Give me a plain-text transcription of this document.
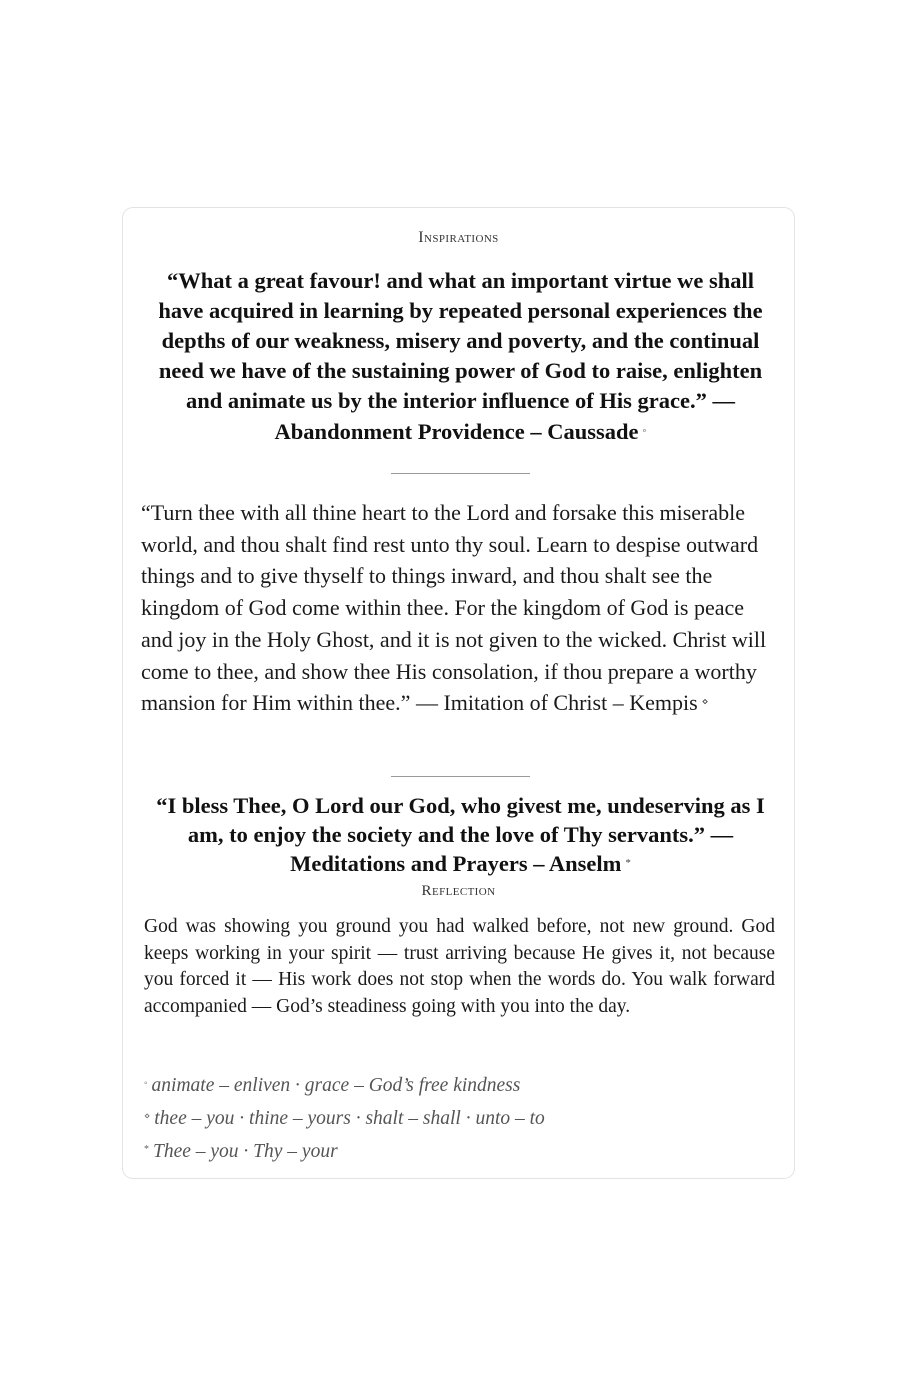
Inspirations
“What a great favour! and what an important virtue we shall have acquired in learning by repeated personal experiences the depths of our weakness, misery and poverty, and the continual need we have of the sustaining power of God to raise, enlighten and animate us by the interior influence of His grace.” — Abandonment Providence – Caussade ◦
“Turn thee with all thine heart to the Lord and forsake this miserable world, and thou shalt find rest unto thy soul. Learn to despise outward things and to give thyself to things inward, and thou shalt see the kingdom of God come within thee. For the kingdom of God is peace and joy in the Holy Ghost, and it is not given to the wicked. Christ will come to thee, and show thee His consolation, if thou prepare a worthy mansion for Him within thee.” — Imitation of Christ – Kempis ⋄
“I bless Thee, O Lord our God, who givest me, undeserving as I am, to enjoy the society and the love of Thy servants.” — Meditations and Prayers – Anselm *
Reflection
God was showing you ground you had walked before, not new ground. God keeps working in your spirit — trust arriving because He gives it, not because you forced it — His work does not stop when the words do. You walk forward accompanied — God’s steadiness going with you into the day.
◦ animate – enliven · grace – God’s free kindness
⋄ thee – you · thine – yours · shalt – shall · unto – to
* Thee – you · Thy – your
